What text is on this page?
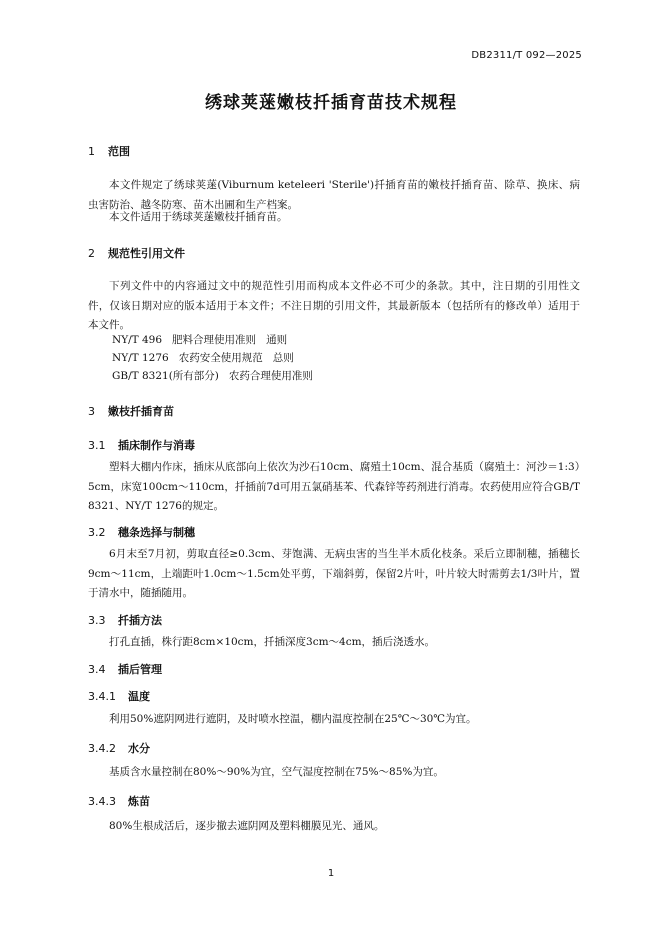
DB2311/T 092—2025
绣球荚蒾嫩枝扦插育苗技术规程
1 范围

本文件规定了绣球荚蒾(Viburnum keteleeri 'Sterile')扦插育苗的嫩枝扦插育苗、除草、换床、病虫害防治、越冬防寒、苗木出圃和生产档案。

本文件适用于绣球荚蒾嫩枝扦插育苗。

2 规范性引用文件

下列文件中的内容通过文中的规范性引用而构成本文件必不可少的条款。其中，注日期的引用性文件，仅该日期对应的版本适用于本文件；不注日期的引用文件，其最新版本（包括所有的修改单）适用于本文件。

NY/T 496   肥料合理使用准则   通则
NY/T 1276   农药安全使用规范   总则
GB/T 8321(所有部分)   农药合理使用准则
3 嫩枝扦插育苗
3.1 插床制作与消毒

塑料大棚内作床，插床从底部向上依次为沙石10cm、腐殖土10cm、混合基质（腐殖土：河沙＝1:3）5cm，床宽100cm～110cm，扦插前7d可用五氯硝基苯、代森锌等药剂进行消毒。农药使用应符合GB/T 8321、NY/T 1276的规定。

3.2 穗条选择与制穗

6月末至7月初，剪取直径≥0.3cm、芽饱满、无病虫害的当生半木质化枝条。采后立即制穗，插穗长9cm～11cm，上端距叶1.0cm～1.5cm处平剪，下端斜剪，保留2片叶，叶片较大时需剪去1/3叶片，置于清水中，随插随用。

3.3 扦插方法

打孔直插，株行距8cm×10cm，扦插深度3cm～4cm，插后浇透水。

3.4 插后管理
3.4.1 温度

利用50%遮阴网进行遮阴，及时喷水控温，棚内温度控制在25℃～30℃为宜。

3.4.2 水分

基质含水量控制在80%～90%为宜，空气湿度控制在75%～85%为宜。

3.4.3 炼苗

80%生根成活后，逐步撤去遮阴网及塑料棚膜见光、通风。

1
